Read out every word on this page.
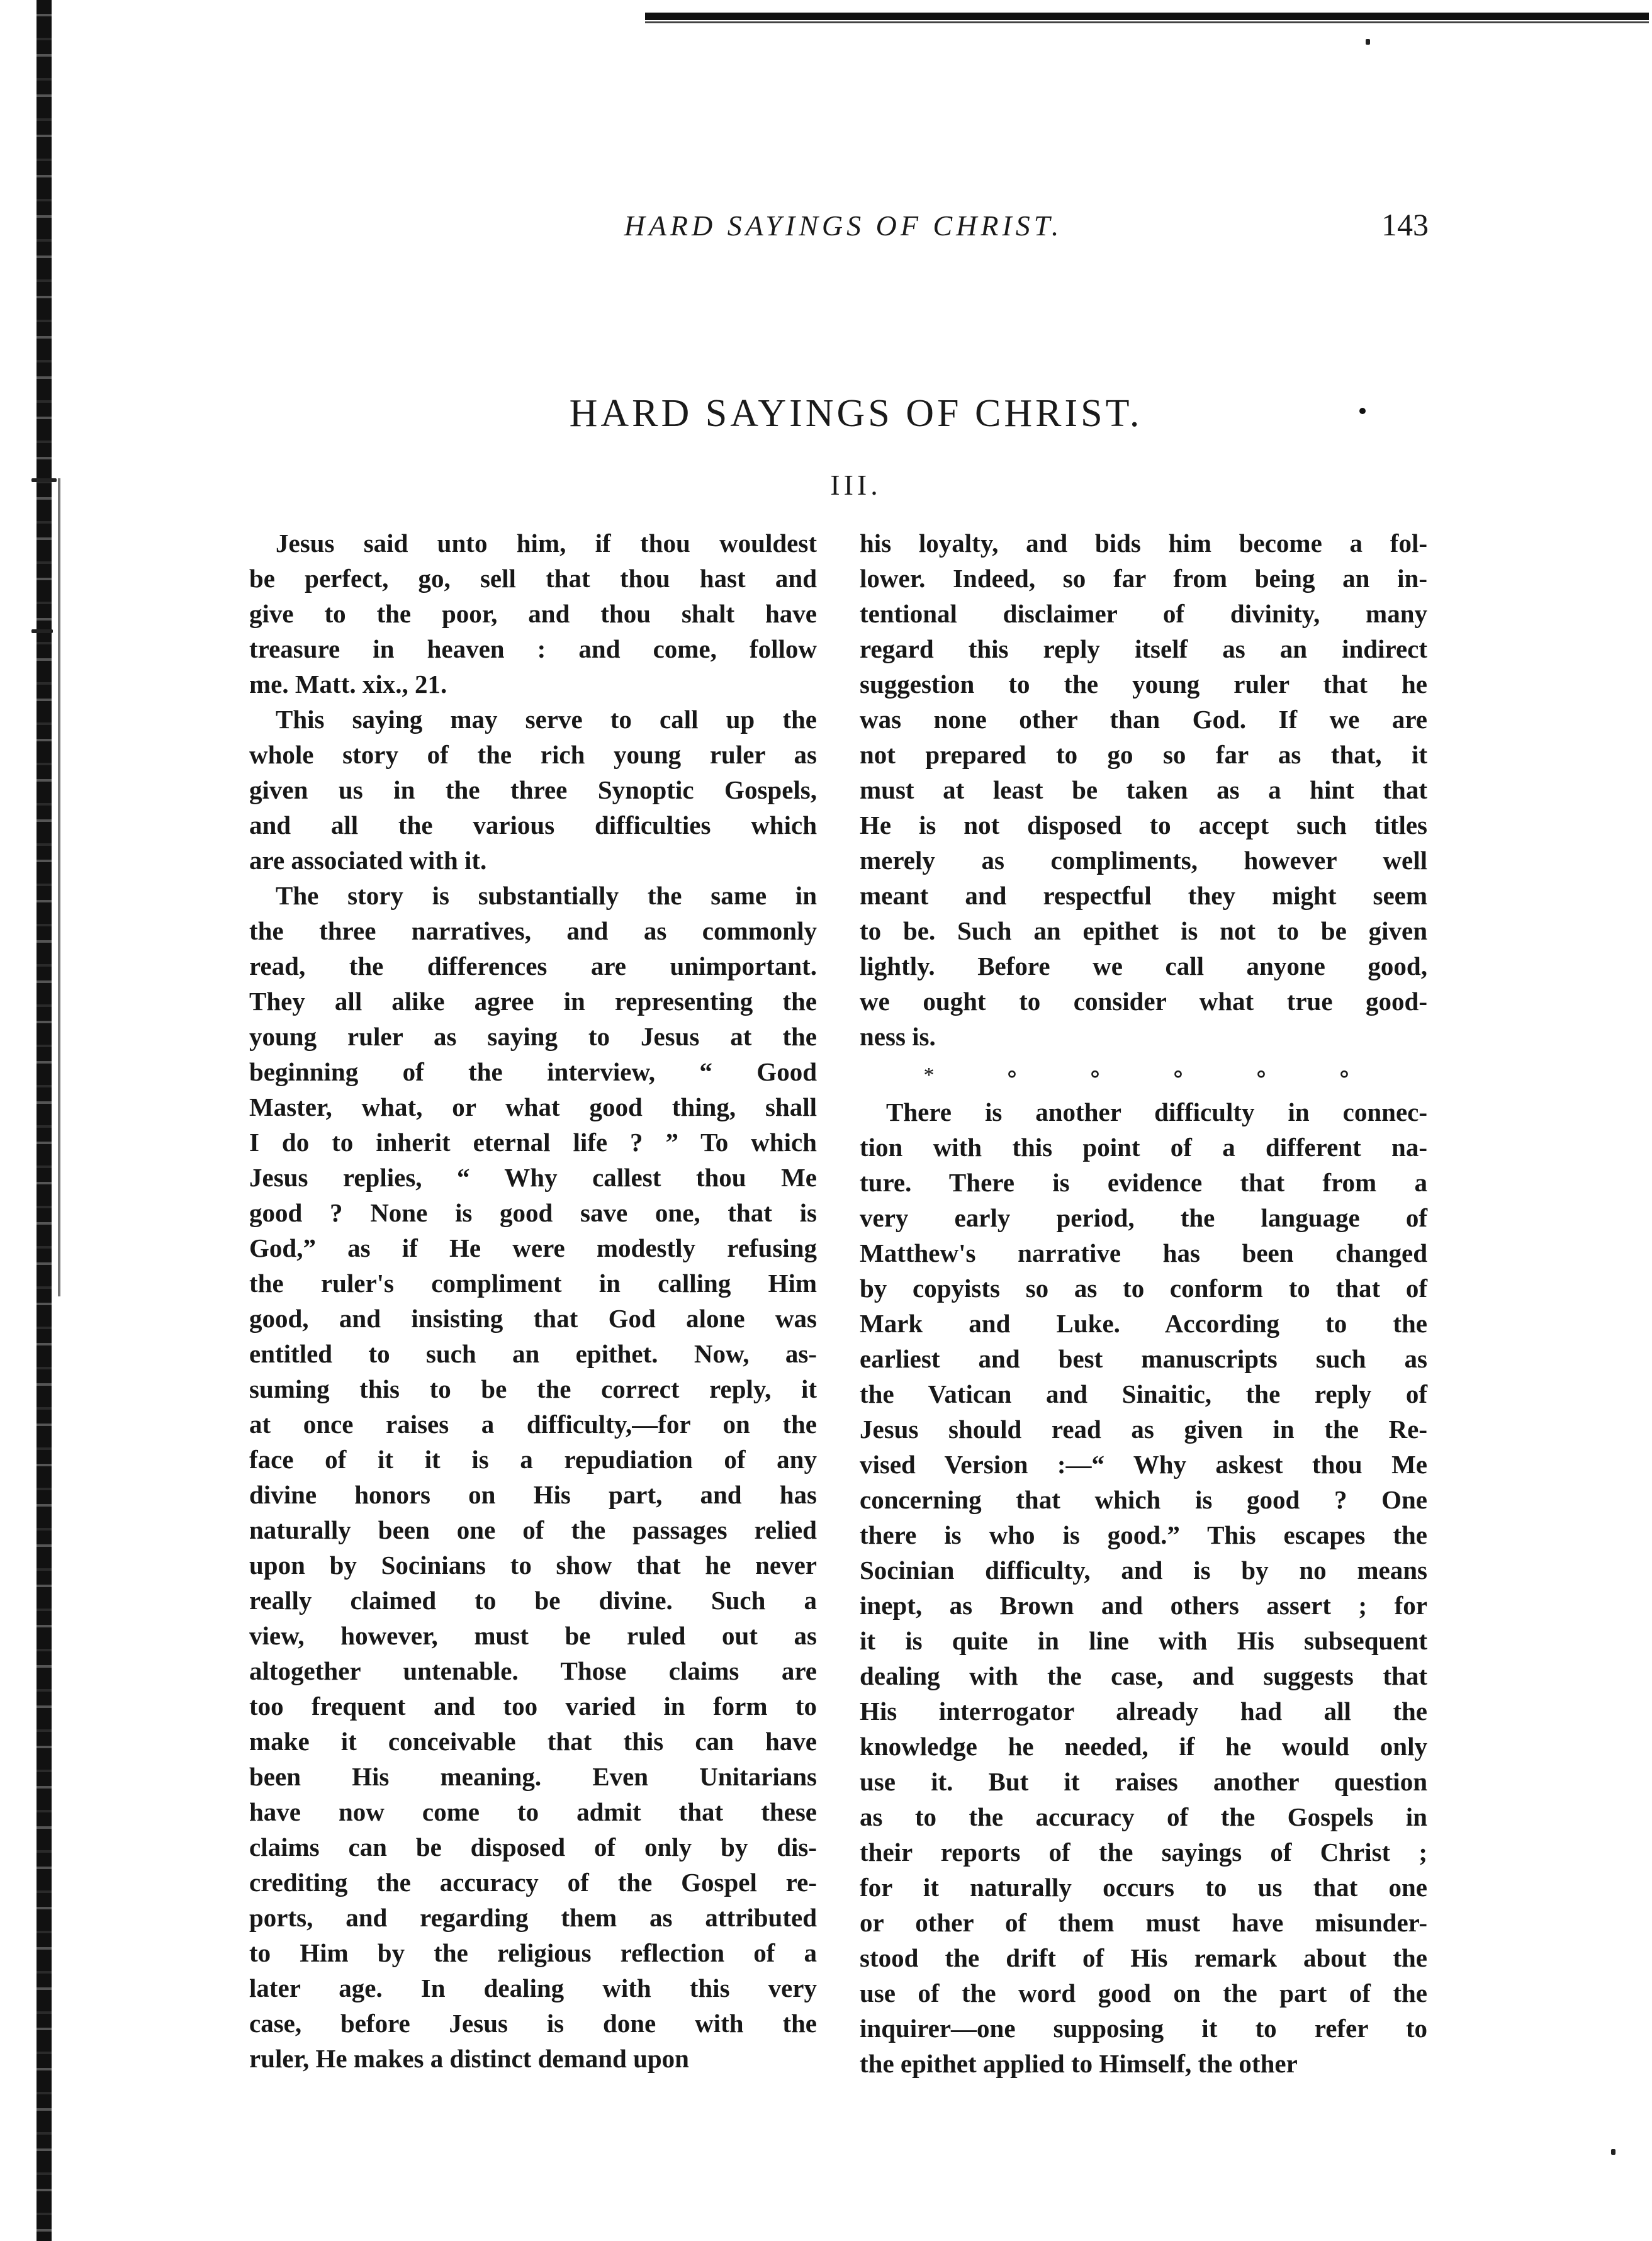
HARD SAYINGS OF CHRIST.	143
HARD SAYINGS OF CHRIST.
III.
Jesus said unto him, if thou wouldest
be perfect, go, sell that thou hast and
give to the poor, and thou shalt have
treasure in heaven : and come, follow
me. Matt. xix., 21.
This saying may serve to call up the
whole story of the rich young ruler as
given us in the three Synoptic Gospels,
and all the various difficulties which
are associated with it.
The story is substantially the same in
the three narratives, and as commonly
read, the differences are unimportant.
They all alike agree in representing the
young ruler as saying to Jesus at the
beginning of the interview, “ Good
Master, what, or what good thing, shall
I do to inherit eternal life ? ” To which
Jesus replies, “ Why callest thou Me
good ? None is good save one, that is
God,” as if He were modestly refusing
the ruler's compliment in calling Him
good, and insisting that God alone was
entitled to such an epithet. Now, as-
suming this to be the correct reply, it
at once raises a difficulty,—for on the
face of it it is a repudiation of any
divine honors on His part, and has
naturally been one of the passages relied
upon by Socinians to show that he never
really claimed to be divine. Such a
view, however, must be ruled out as
altogether untenable. Those claims are
too frequent and too varied in form to
make it conceivable that this can have
been His meaning. Even Unitarians
have now come to admit that these
claims can be disposed of only by dis-
crediting the accuracy of the Gospel re-
ports, and regarding them as attributed
to Him by the religious reflection of a
later age. In dealing with this very
case, before Jesus is done with the
ruler, He makes a distinct demand upon
his loyalty, and bids him become a fol-
lower. Indeed, so far from being an in-
tentional disclaimer of divinity, many
regard this reply itself as an indirect
suggestion to the young ruler that he
was none other than God. If we are
not prepared to go so far as that, it
must at least be taken as a hint that
He is not disposed to accept such titles
merely as compliments, however well
meant and respectful they might seem
to be. Such an epithet is not to be given
lightly. Before we call anyone good,
we ought to consider what true good-
ness is.
*	⚬	⚬	⚬	⚬	⚬
There is another difficulty in connec-
tion with this point of a different na-
ture. There is evidence that from a
very early period, the language of
Matthew's narrative has been changed
by copyists so as to conform to that of
Mark and Luke. According to the
earliest and best manuscripts such as
the Vatican and Sinaitic, the reply of
Jesus should read as given in the Re-
vised Version :—“ Why askest thou Me
concerning that which is good ? One
there is who is good.” This escapes the
Socinian difficulty, and is by no means
inept, as Brown and others assert ; for
it is quite in line with His subsequent
dealing with the case, and suggests that
His interrogator already had all the
knowledge he needed, if he would only
use it. But it raises another question
as to the accuracy of the Gospels in
their reports of the sayings of Christ ;
for it naturally occurs to us that one
or other of them must have misunder-
stood the drift of His remark about the
use of the word good on the part of the
inquirer—one supposing it to refer to
the epithet applied to Himself, the other
